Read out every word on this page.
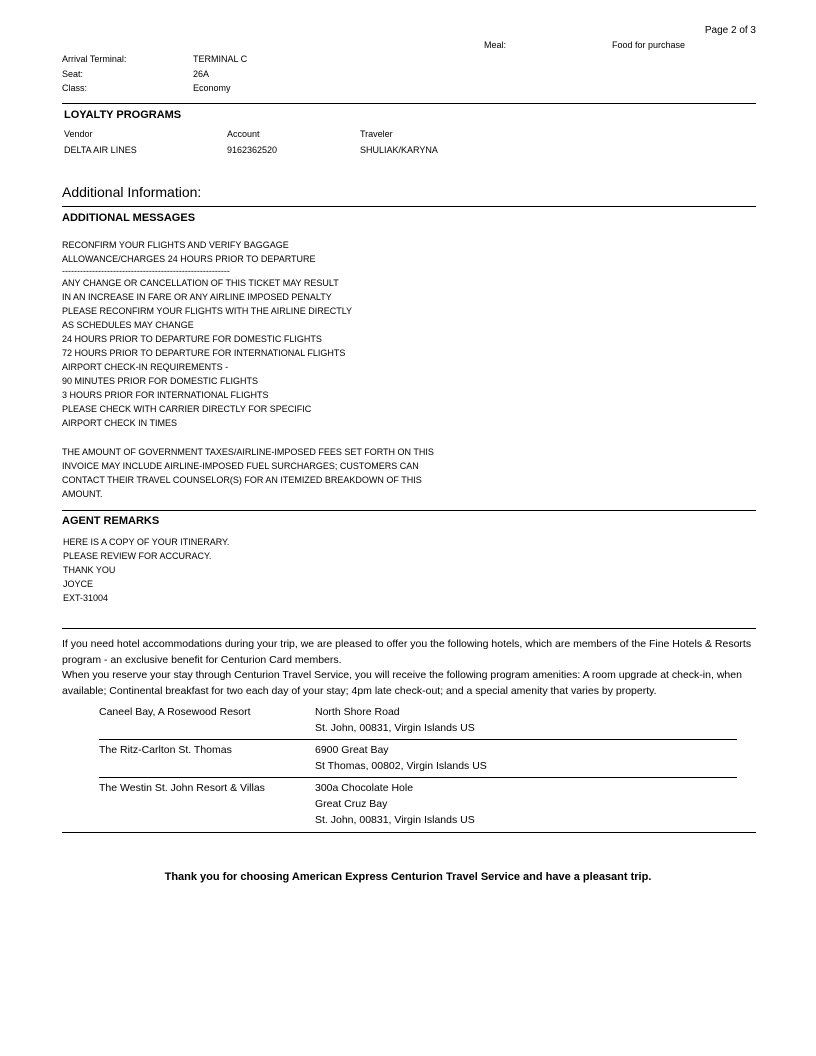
Page 2 of 3
Meal:	Food for purchase
Arrival Terminal:	TERMINAL C
Seat:	26A
Class:	Economy
LOYALTY PROGRAMS
Vendor	Account	Traveler
DELTA AIR LINES	9162362520	SHULIAK/KARYNA
Additional Information:
ADDITIONAL MESSAGES
RECONFIRM YOUR FLIGHTS AND VERIFY BAGGAGE
ALLOWANCE/CHARGES 24 HOURS PRIOR TO DEPARTURE
--------------------------------------------------------
ANY CHANGE OR CANCELLATION OF THIS TICKET MAY RESULT
IN AN INCREASE IN FARE OR ANY AIRLINE IMPOSED PENALTY
PLEASE RECONFIRM YOUR FLIGHTS WITH THE AIRLINE DIRECTLY
AS SCHEDULES MAY CHANGE
24 HOURS PRIOR TO DEPARTURE FOR DOMESTIC FLIGHTS
72 HOURS PRIOR TO DEPARTURE FOR INTERNATIONAL FLIGHTS
AIRPORT CHECK-IN REQUIREMENTS -
90 MINUTES PRIOR FOR DOMESTIC FLIGHTS
3 HOURS PRIOR FOR INTERNATIONAL FLIGHTS
PLEASE CHECK WITH CARRIER DIRECTLY FOR SPECIFIC
AIRPORT CHECK IN TIMES
THE AMOUNT OF GOVERNMENT TAXES/AIRLINE-IMPOSED FEES SET FORTH ON THIS
INVOICE MAY INCLUDE AIRLINE-IMPOSED FUEL SURCHARGES; CUSTOMERS CAN
CONTACT THEIR TRAVEL COUNSELOR(S) FOR AN ITEMIZED BREAKDOWN OF THIS
AMOUNT.
AGENT REMARKS
HERE IS A COPY OF YOUR ITINERARY.
PLEASE REVIEW FOR ACCURACY.
THANK YOU
JOYCE
EXT-31004
If you need hotel accommodations during your trip, we are pleased to offer you the following hotels, which are members of the Fine Hotels & Resorts program - an exclusive benefit for Centurion Card members.
When you reserve your stay through Centurion Travel Service, you will receive the following program amenities: A room upgrade at check-in, when available; Continental breakfast for two each day of your stay; 4pm late check-out; and a special amenity that varies by property.
Caneel Bay, A Rosewood Resort	North Shore Road
St. John, 00831, Virgin Islands US
The Ritz-Carlton St. Thomas	6900 Great Bay
St Thomas, 00802, Virgin Islands US
The Westin St. John Resort & Villas	300a Chocolate Hole
Great Cruz Bay
St. John, 00831, Virgin Islands US
Thank you for choosing American Express Centurion Travel Service and have a pleasant trip.
